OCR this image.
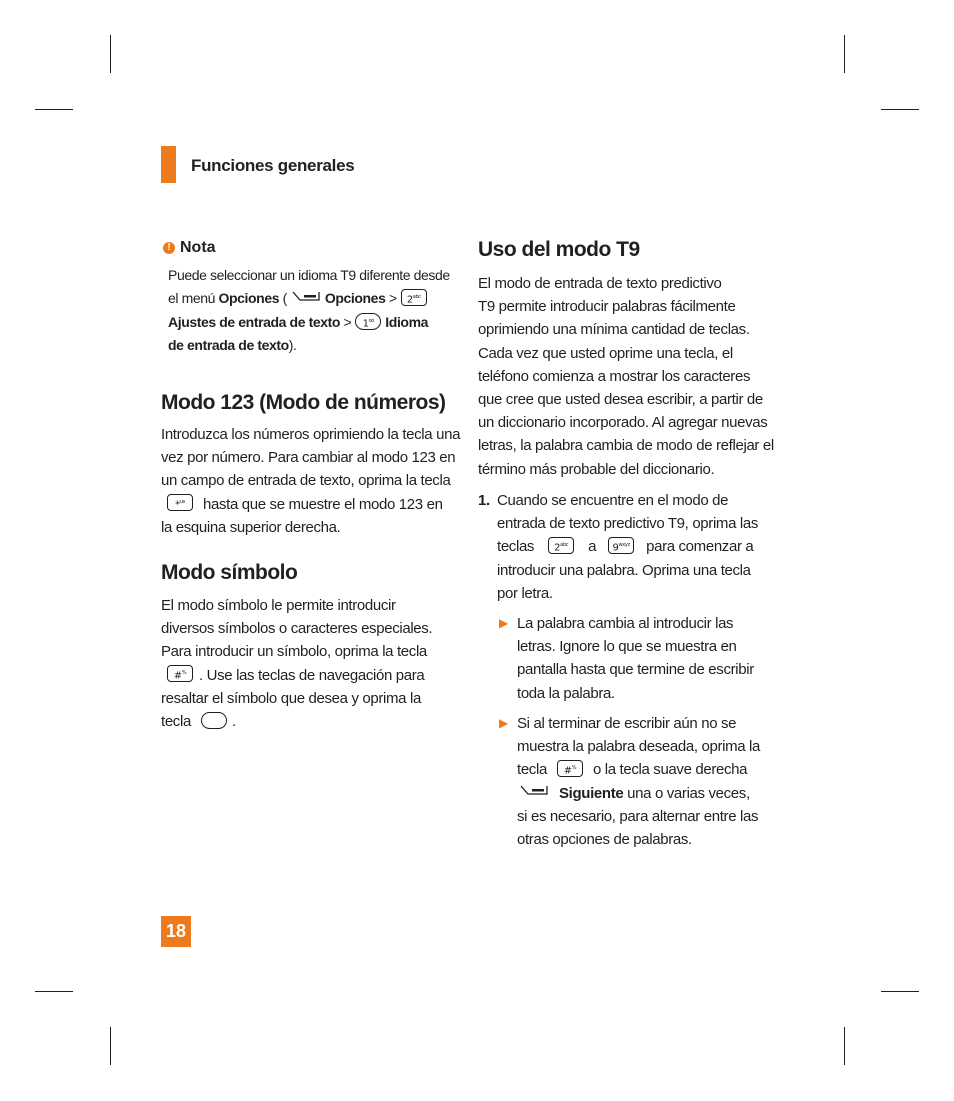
Funciones generales
! Nota

Puede seleccionar un idioma T9 diferente desde

el menú Opciones (	Opciones > $2^{abc}$

Ajustes de entrada de texto > $1^{oo}$ Idioma

de entrada de texto).

Modo 123 (Modo de números)

Introduzca los números oprimiendo la tecla una

vez por número. Para cambiar al modo 123 en

un campo de entrada de texto, oprima la tecla

*$^{us}$ hasta que se muestre el modo 123 en

la esquina superior derecha.

Modo símbolo

El modo símbolo le permite introducir

diversos símbolos o caracteres especiales.

Para introducir un símbolo, oprima la tecla

#% . Use las teclas de navegación para

resaltar el símbolo que desea y oprima la

tecla	.

Uso del modo T9

El modo de entrada de texto predictivo

T9 permite introducir palabras fácilmente

oprimiendo una mínima cantidad de teclas.

Cada vez que usted oprime una tecla, el

teléfono comienza a mostrar los caracteres

que cree que usted desea escribir, a partir de

un diccionario incorporado. Al agregar nuevas

letras, la palabra cambia de modo de reflejar el

término más probable del diccionario.

1. Cuando se encuentre en el modo de

entrada de texto predictivo T9, oprima las

teclas $2^{abc}$ a $9^{wxyz}$ para comenzar a

introducir una palabra. Oprima una tecla

por letra.

▶ La palabra cambia al introducir las

letras. Ignore lo que se muestra en

pantalla hasta que termine de escribir

toda la palabra.

▶ Si al terminar de escribir aún no se

muestra la palabra deseada, oprima la

tecla #% o la tecla suave derecha

Siguiente una o varias veces,

si es necesario, para alternar entre las

otras opciones de palabras.

18
